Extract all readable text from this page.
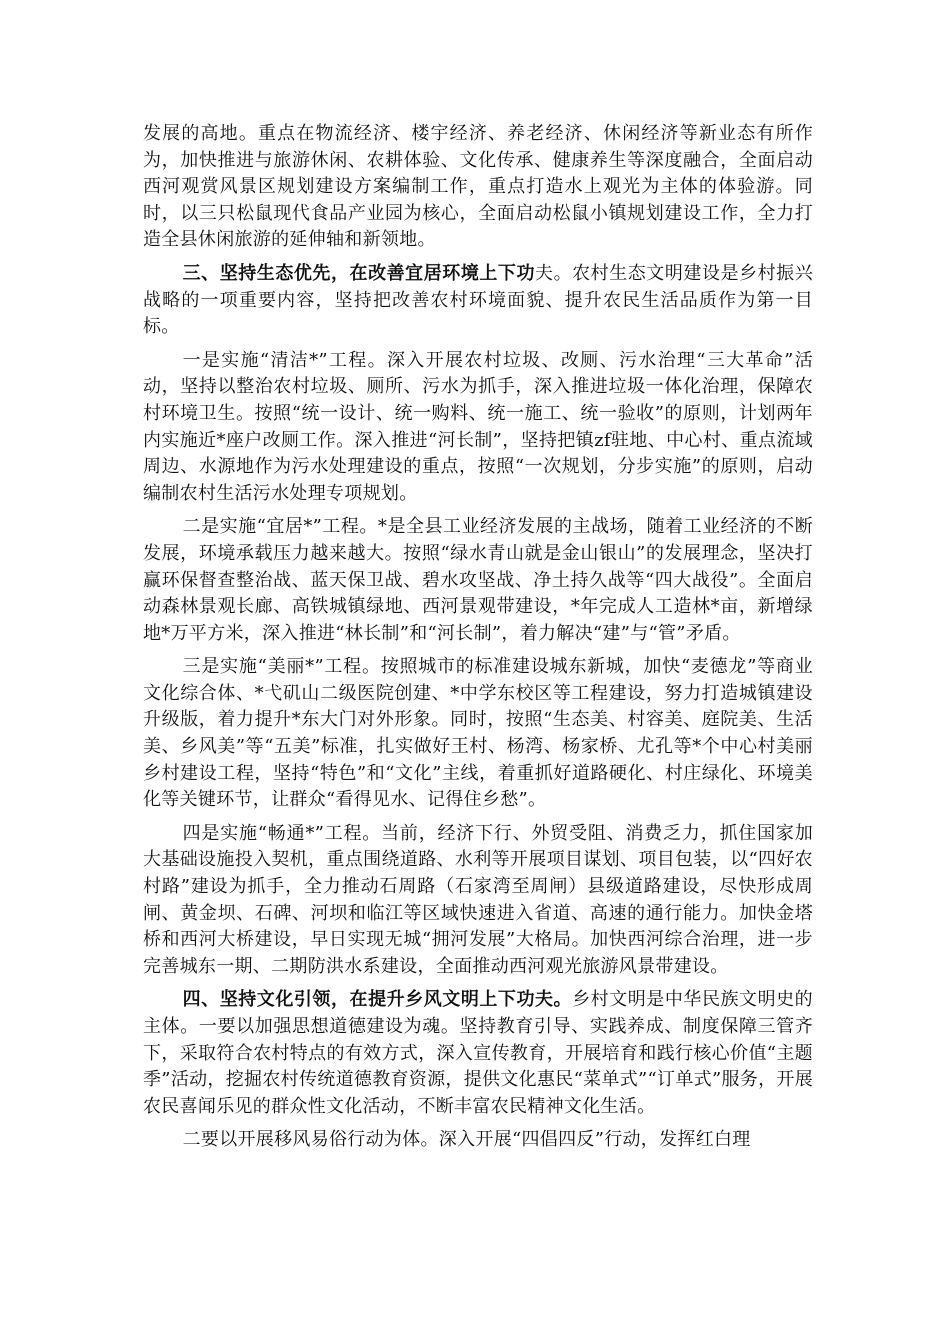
发展的高地。重点在物流经济、楼宇经济、养老经济、休闲经济等新业态有所作为，加快推进与旅游休闲、农耕体验、文化传承、健康养生等深度融合，全面启动西河观赏风景区规划建设方案编制工作，重点打造水上观光为主体的体验游。同时，以三只松鼠现代食品产业园为核心，全面启动松鼠小镇规划建设工作，全力打造全县休闲旅游的延伸轴和新领地。

三、坚持生态优先，在改善宜居环境上下功夫。农村生态文明建设是乡村振兴战略的一项重要内容，坚持把改善农村环境面貌、提升农民生活品质作为第一目标。

一是实施“清洁*”工程。深入开展农村垃圾、改厕、污水治理“三大革命”活动，坚持以整治农村垃圾、厕所、污水为抓手，深入推进垃圾一体化治理，保障农村环境卫生。按照“统一设计、统一购料、统一施工、统一验收”的原则，计划两年内实施近*座户改厕工作。深入推进“河长制”，坚持把镇zf驻地、中心村、重点流域周边、水源地作为污水处理建设的重点，按照“一次规划，分步实施”的原则，启动编制农村生活污水处理专项规划。

二是实施“宜居*”工程。*是全县工业经济发展的主战场，随着工业经济的不断发展，环境承载压力越来越大。按照“绿水青山就是金山银山”的发展理念，坚决打赢环保督查整治战、蓝天保卫战、碧水攻坚战、净土持久战等“四大战役”。全面启动森林景观长廊、高铁城镇绿地、西河景观带建设，*年完成人工造林*亩，新增绿地*万平方米，深入推进“林长制”和“河长制”，着力解决“建”与“管”矛盾。

三是实施“美丽*”工程。按照城市的标准建设城东新城，加快“麦德龙”等商业文化综合体、*弋矶山二级医院创建、*中学东校区等工程建设，努力打造城镇建设升级版，着力提升*东大门对外形象。同时，按照“生态美、村容美、庭院美、生活美、乡风美”等“五美”标准，扎实做好王村、杨湾、杨家桥、尤孔等*个中心村美丽乡村建设工程，坚持“特色”和“文化”主线，着重抓好道路硬化、村庄绿化、环境美化等关键环节，让群众“看得见水、记得住乡愁”。

四是实施“畅通*”工程。当前，经济下行、外贸受阻、消费乏力，抓住国家加大基础设施投入契机，重点围绕道路、水利等开展项目谋划、项目包装，以“四好农村路”建设为抓手，全力推动石周路（石家湾至周闸）县级道路建设，尽快形成周闸、黄金坝、石碑、河坝和临江等区域快速进入省道、高速的通行能力。加快金塔桥和西河大桥建设，早日实现无城“拥河发展”大格局。加快西河综合治理，进一步完善城东一期、二期防洪水系建设，全面推动西河观光旅游风景带建设。

四、坚持文化引领，在提升乡风文明上下功夫。乡村文明是中华民族文明史的主体。一要以加强思想道德建设为魂。坚持教育引导、实践养成、制度保障三管齐下，采取符合农村特点的有效方式，深入宣传教育，开展培育和践行核心价值“主题季”活动，挖掘农村传统道德教育资源，提供文化惠民“菜单式”“订单式”服务，开展农民喜闻乐见的群众性文化活动，不断丰富农民精神文化生活。

二要以开展移风易俗行动为体。深入开展“四倡四反”行动，发挥红白理
